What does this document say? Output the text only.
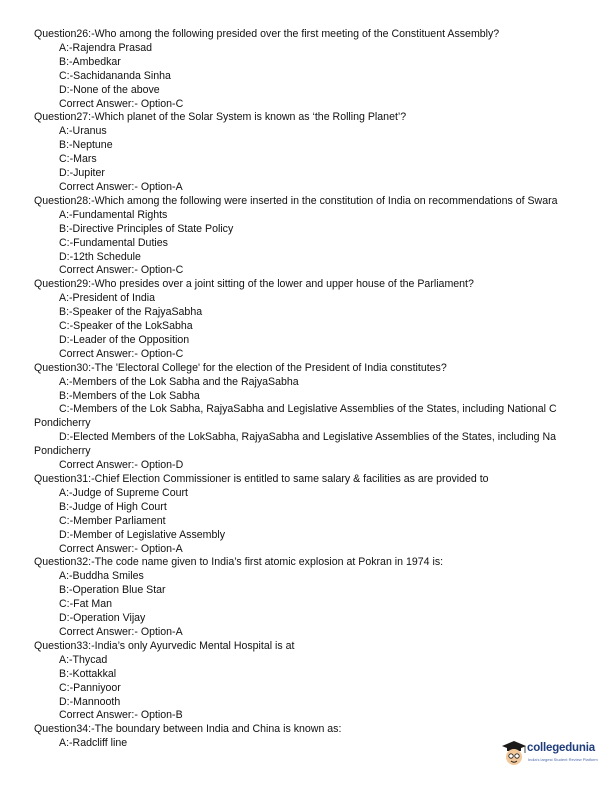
Question26:-Who among the following presided over the first meeting of the Constituent Assembly?
A:-Rajendra Prasad
B:-Ambedkar
C:-Sachidananda Sinha
D:-None of the above
Correct Answer:- Option-C
Question27:-Which planet of the Solar System is known as ‘the Rolling Planet’?
A:-Uranus
B:-Neptune
C:-Mars
D:-Jupiter
Correct Answer:- Option-A
Question28:-Which among the following were inserted in the constitution of India on recommendations of Swara
A:-Fundamental Rights
B:-Directive Principles of State Policy
C:-Fundamental Duties
D:-12th Schedule
Correct Answer:- Option-C
Question29:-Who presides over a joint sitting of the lower and upper house of the Parliament?
A:-President of India
B:-Speaker of the RajyaSabha
C:-Speaker of the LokSabha
D:-Leader of the Opposition
Correct Answer:- Option-C
Question30:-The 'Electoral College' for the election of the President of India constitutes?
A:-Members of the Lok Sabha and the RajyaSabha
B:-Members of the Lok Sabha
C:-Members of the Lok Sabha, RajyaSabha and Legislative Assemblies of the States, including National C
Pondicherry
D:-Elected Members of the LokSabha, RajyaSabha and Legislative Assemblies of the States, including Na
Pondicherry
Correct Answer:- Option-D
Question31:-Chief Election Commissioner is entitled to same salary & facilities as are provided to
A:-Judge of Supreme Court
B:-Judge of High Court
C:-Member Parliament
D:-Member of Legislative Assembly
Correct Answer:- Option-A
Question32:-The code name given to India’s first atomic explosion at Pokran in 1974 is:
A:-Buddha Smiles
B:-Operation Blue Star
C:-Fat Man
D:-Operation Vijay
Correct Answer:- Option-A
Question33:-India’s only Ayurvedic Mental Hospital is at
A:-Thycad
B:-Kottakkal
C:-Panniyoor
D:-Mannooth
Correct Answer:- Option-B
Question34:-The boundary between India and China is known as:
A:-Radcliff line	collegedunia
India's largest Student Review Platform
